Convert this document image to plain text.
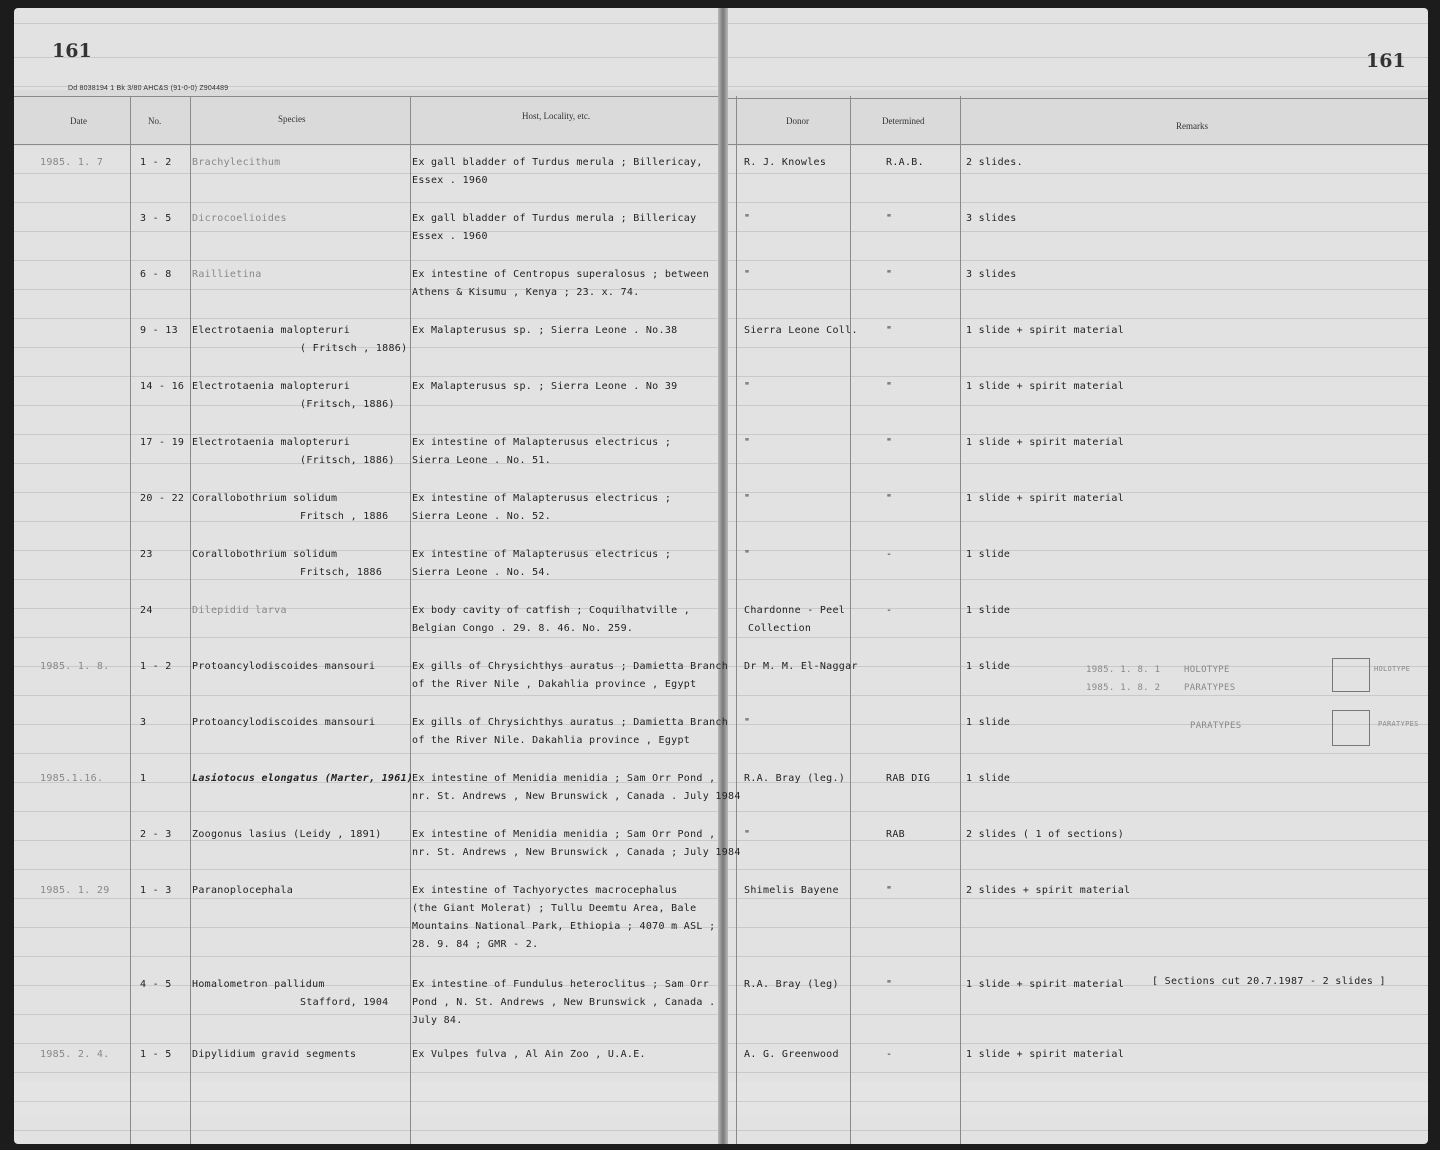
161
Dd 8038194 1 Bk 3/80 AHC&S (91-0-0) Z904489
Date	No.	Species	Host, Locality, etc.
161
Donor	Determined	Remarks
1985. 1. 7	1 - 2 Brachylecithum	Ex gall bladder of Turdus merula ; Billericay,
Essex . 1960
R. J. Knowles	R.A.B.	2 slides.
3 - 5 Dicrocoelioides	Ex gall bladder of Turdus merula ; Billericay
Essex . 1960
"	"	3 slides
6 - 8 Raillietina	Ex intestine of Centropus superalosus ; between
Athens & Kisumu , Kenya ; 23. x. 74.
"	"	3 slides
9 - 13 Electrotaenia malopteruri
( Fritsch , 1886)
Ex Malapterusus sp. ; Sierra Leone . No.38	Sierra Leone Coll.	"	1 slide + spirit material
14 - 16 Electrotaenia malopteruri
(Fritsch, 1886)
Ex Malapterusus sp. ; Sierra Leone . No 39	"	"	1 slide + spirit material
17 - 19 Electrotaenia malopteruri
(Fritsch, 1886)
Ex intestine of Malapterusus electricus ;
Sierra Leone . No. 51.
"	"	1 slide + spirit material
20 - 22 Corallobothrium solidum
Fritsch , 1886
Ex intestine of Malapterusus electricus ;
Sierra Leone . No. 52.
"	"	1 slide + spirit material
23	Corallobothrium solidum
Fritsch, 1886
Ex intestine of Malapterusus electricus ;
Sierra Leone . No. 54.
"	-	1 slide
24	Dilepidid larva	Ex body cavity of catfish ; Coquilhatville ,
Belgian Congo . 29. 8. 46. No. 259.
Chardonne - Peel
Collection
-	1 slide
1985. 1. 8.	1 - 2 Protoancylodiscoides mansouri	Ex gills of Chrysichthys auratus ; Damietta Branch
of the River Nile , Dakahlia province , Egypt
Dr M. M. El-Naggar	1 slide
3	Protoancylodiscoides mansouri	Ex gills of Chrysichthys auratus ; Damietta Branch
of the River Nile. Dakahlia province , Egypt
"	1 slide
1985.1.16.	1	Lasiotocus elongatus (Marter, 1961)
Ex intestine of Menidia menidia ; Sam Orr Pond ,
nr. St. Andrews , New Brunswick , Canada . July 1984
R.A. Bray (leg.)	RAB DIG	1 slide
2 - 3 Zoogonus lasius (Leidy , 1891)	Ex intestine of Menidia menidia ; Sam Orr Pond ,
nr. St. Andrews , New Brunswick , Canada ; July 1984
"	RAB	2 slides ( 1 of sections)
1985. 1. 29	1 - 3 Paranoplocephala	Ex intestine of Tachyoryctes macrocephalus
(the Giant Molerat) ; Tullu Deemtu Area, Bale
Mountains National Park, Ethiopia ; 4070 m ASL ;
28. 9. 84 ; GMR - 2.
Shimelis Bayene	"	2 slides + spirit material
4 - 5 Homalometron pallidum
Stafford, 1904
Ex intestine of Fundulus heteroclitus ; Sam Orr
Pond , N. St. Andrews , New Brunswick , Canada .
July 84.
R.A. Bray (leg)	"	1 slide + spirit material
1985. 2. 4.	1 - 5 Dipylidium gravid segments	Ex Vulpes fulva , Al Ain Zoo , U.A.E.	A. G. Greenwood	-	1 slide + spirit material
1985. 1. 8. 1
1985. 1. 8. 2
HOLOTYPE
PARATYPES
PARATYPES
HOLOTYPE
PARATYPES
[ Sections cut 20.7.1987 - 2 slides ]
